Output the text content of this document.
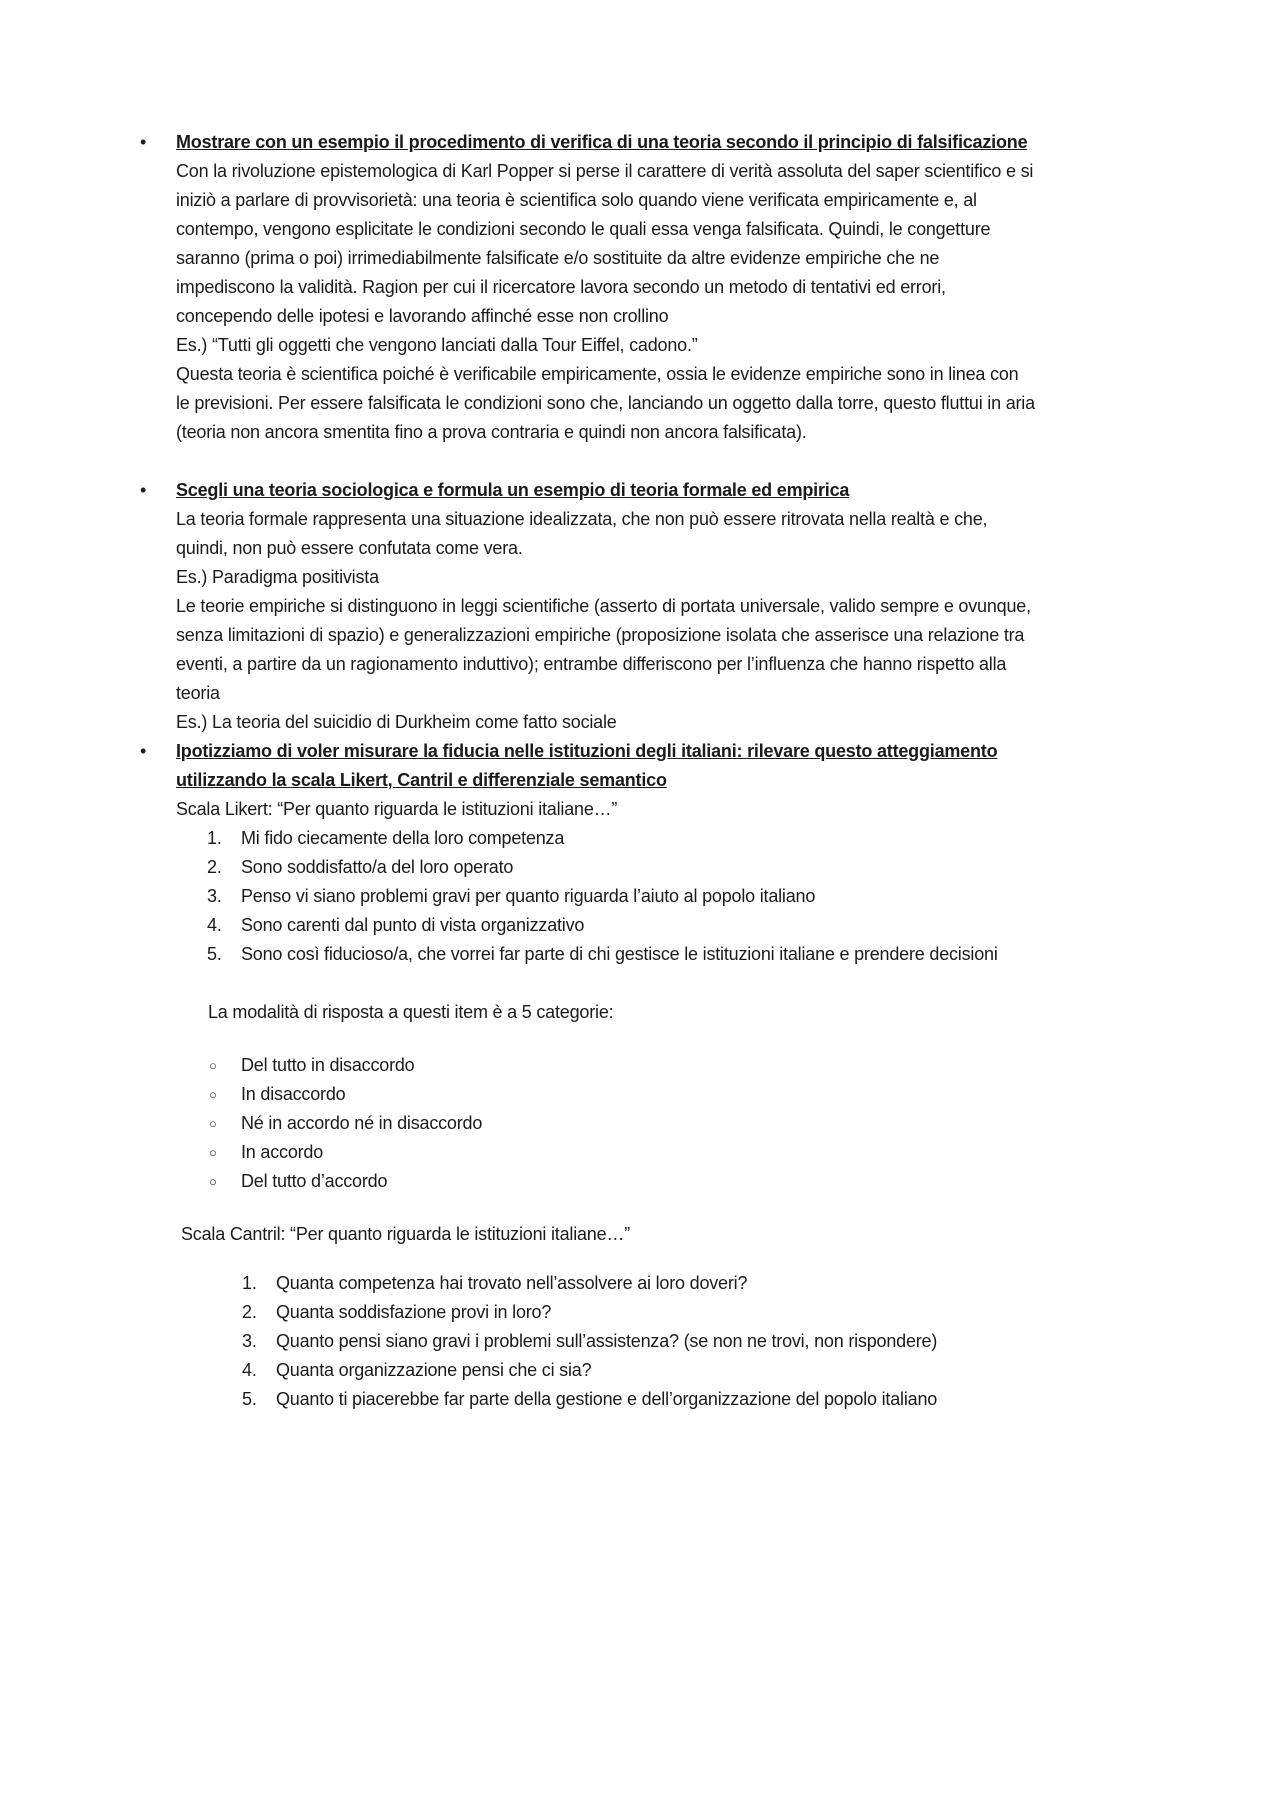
•	Mostrare con un esempio il procedimento di verifica di una teoria secondo il principio di falsificazione

Con la rivoluzione epistemologica di Karl Popper si perse il carattere di verità assoluta del saper scientifico e si iniziò a parlare di provvisorietà: una teoria è scientifica solo quando viene verificata empiricamente e, al contempo, vengono esplicitate le condizioni secondo le quali essa venga falsificata. Quindi, le congetture saranno (prima o poi) irrimediabilmente falsificate e/o sostituite da altre evidenze empiriche che ne impediscono la validità. Ragion per cui il ricercatore lavora secondo un metodo di tentativi ed errori, concependo delle ipotesi e lavorando affinché esse non crollino

Es.) “Tutti gli oggetti che vengono lanciati dalla Tour Eiffel, cadono.”

Questa teoria è scientifica poiché è verificabile empiricamente, ossia le evidenze empiriche sono in linea con le previsioni. Per essere falsificata le condizioni sono che, lanciando un oggetto dalla torre, questo fluttui in aria (teoria non ancora smentita fino a prova contraria e quindi non ancora falsificata).

•	Scegli una teoria sociologica e formula un esempio di teoria formale ed empirica

La teoria formale rappresenta una situazione idealizzata, che non può essere ritrovata nella realtà e che, quindi, non può essere confutata come vera.

Es.) Paradigma positivista

Le teorie empiriche si distinguono in leggi scientifiche (asserto di portata universale, valido sempre e ovunque, senza limitazioni di spazio) e generalizzazioni empiriche (proposizione isolata che asserisce una relazione tra eventi, a partire da un ragionamento induttivo); entrambe differiscono per l’influenza che hanno rispetto alla teoria

Es.) La teoria del suicidio di Durkheim come fatto sociale

•	Ipotizziamo di voler misurare la fiducia nelle istituzioni degli italiani: rilevare questo atteggiamento utilizzando la scala Likert, Cantril e differenziale semantico

Scala Likert: “Per quanto riguarda le istituzioni italiane…”

Mi fido ciecamente della loro competenza
Sono soddisfatto/a del loro operato
Penso vi siano problemi gravi per quanto riguarda l’aiuto al popolo italiano
Sono carenti dal punto di vista organizzativo
Sono così fiducioso/a, che vorrei far parte di chi gestisce le istituzioni italiane e prendere decisioni

La modalità di risposta a questi item è a 5 categorie:

○ Del tutto in disaccordo
○ In disaccordo
○ Né in accordo né in disaccordo
○ In accordo
○ Del tutto d’accordo

Scala Cantril: “Per quanto riguarda le istituzioni italiane…”

Quanta competenza hai trovato nell’assolvere ai loro doveri?
Quanta soddisfazione provi in loro?
Quanto pensi siano gravi i problemi sull’assistenza? (se non ne trovi, non rispondere)
Quanta organizzazione pensi che ci sia?
Quanto ti piacerebbe far parte della gestione e dell’organizzazione del popolo italiano
